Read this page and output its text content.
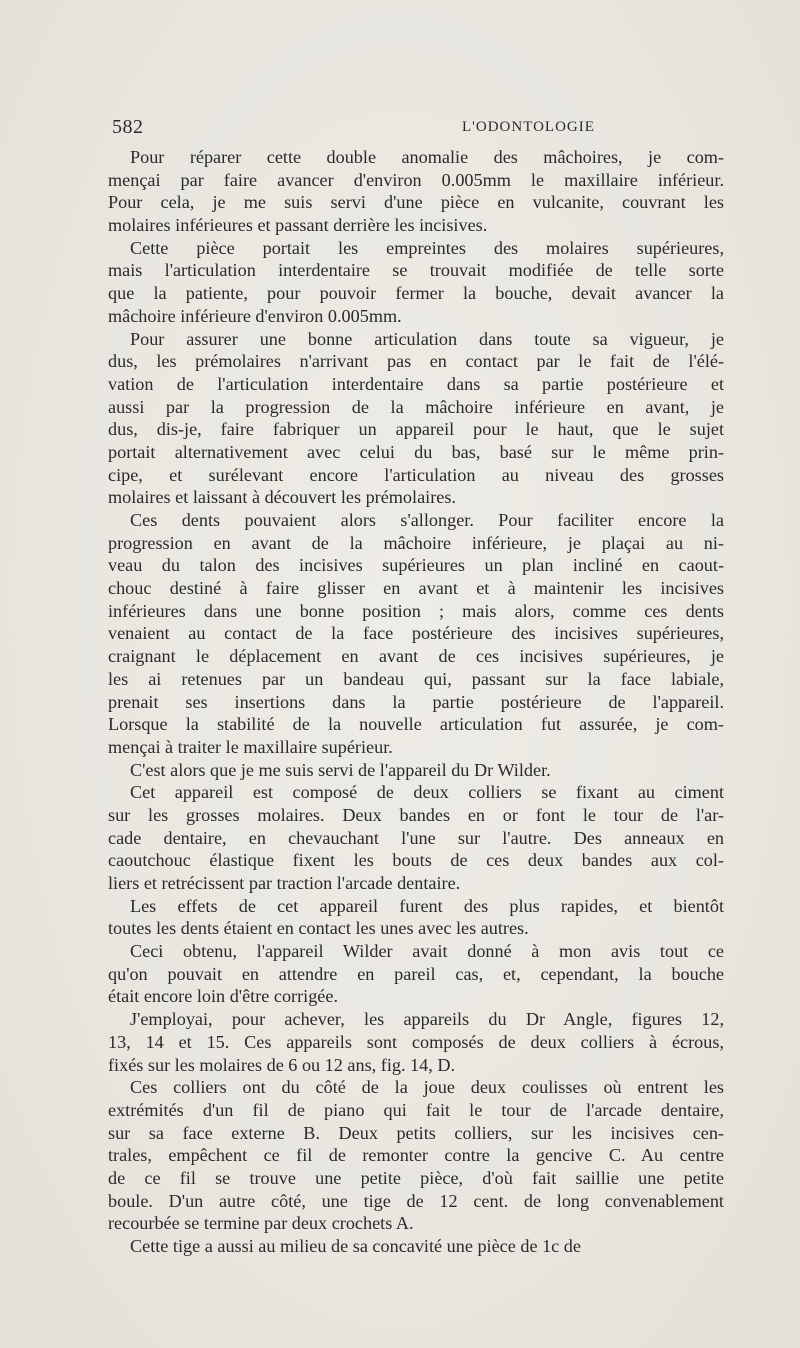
582	L'ODONTOLOGIE
Pour réparer cette double anomalie des mâchoires, je com-
mençai par faire avancer d'environ 0.005mm le maxillaire inférieur.
Pour cela, je me suis servi d'une pièce en vulcanite, couvrant les
molaires inférieures et passant derrière les incisives.
Cette pièce portait les empreintes des molaires supérieures,
mais l'articulation interdentaire se trouvait modifiée de telle sorte
que la patiente, pour pouvoir fermer la bouche, devait avancer la
mâchoire inférieure d'environ 0.005mm.
Pour assurer une bonne articulation dans toute sa vigueur, je
dus, les prémolaires n'arrivant pas en contact par le fait de l'élé-
vation de l'articulation interdentaire dans sa partie postérieure et
aussi par la progression de la mâchoire inférieure en avant, je
dus, dis-je, faire fabriquer un appareil pour le haut, que le sujet
portait alternativement avec celui du bas, basé sur le même prin-
cipe, et surélevant encore l'articulation au niveau des grosses
molaires et laissant à découvert les prémolaires.
Ces dents pouvaient alors s'allonger. Pour faciliter encore la
progression en avant de la mâchoire inférieure, je plaçai au ni-
veau du talon des incisives supérieures un plan incliné en caout-
chouc destiné à faire glisser en avant et à maintenir les incisives
inférieures dans une bonne position ; mais alors, comme ces dents
venaient au contact de la face postérieure des incisives supérieures,
craignant le déplacement en avant de ces incisives supérieures, je
les ai retenues par un bandeau qui, passant sur la face labiale,
prenait ses insertions dans la partie postérieure de l'appareil.
Lorsque la stabilité de la nouvelle articulation fut assurée, je com-
mençai à traiter le maxillaire supérieur.
C'est alors que je me suis servi de l'appareil du Dr Wilder.
Cet appareil est composé de deux colliers se fixant au ciment
sur les grosses molaires. Deux bandes en or font le tour de l'ar-
cade dentaire, en chevauchant l'une sur l'autre. Des anneaux en
caoutchouc élastique fixent les bouts de ces deux bandes aux col-
liers et retrécissent par traction l'arcade dentaire.
Les effets de cet appareil furent des plus rapides, et bientôt
toutes les dents étaient en contact les unes avec les autres.
Ceci obtenu, l'appareil Wilder avait donné à mon avis tout ce
qu'on pouvait en attendre en pareil cas, et, cependant, la bouche
était encore loin d'être corrigée.
J'employai, pour achever, les appareils du Dr Angle, figures 12,
13, 14 et 15. Ces appareils sont composés de deux colliers à écrous,
fixés sur les molaires de 6 ou 12 ans, fig. 14, D.
Ces colliers ont du côté de la joue deux coulisses où entrent les
extrémités d'un fil de piano qui fait le tour de l'arcade dentaire,
sur sa face externe B. Deux petits colliers, sur les incisives cen-
trales, empêchent ce fil de remonter contre la gencive C. Au centre
de ce fil se trouve une petite pièce, d'où fait saillie une petite
boule. D'un autre côté, une tige de 12 cent. de long convenablement
recourbée se termine par deux crochets A.
Cette tige a aussi au milieu de sa concavité une pièce de 1c de
